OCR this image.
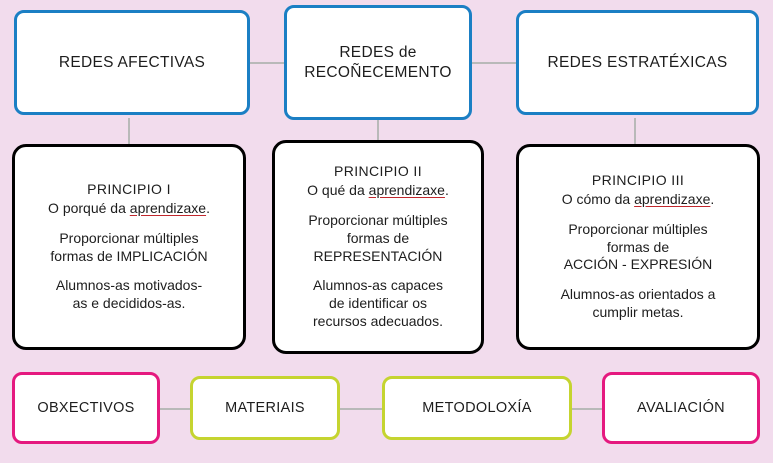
REDES AFECTIVAS
REDES de
RECOÑECEMENTO
REDES ESTRATÉXICAS
PRINCIPIO I
O porqué da aprendizaxe.
Proporcionar múltiples
formas de IMPLICACIÓN
Alumnos-as motivados-
as e decididos-as.
PRINCIPIO II
O qué da aprendizaxe.
Proporcionar múltiples
formas de
REPRESENTACIÓN
Alumnos-as capaces
de identificar os
recursos adecuados.
PRINCIPIO III
O cómo da aprendizaxe.
Proporcionar múltiples
formas de
ACCIÓN - EXPRESIÓN
Alumnos-as orientados a
cumplir metas.
OBXECTIVOS	MATERIAIS	METODOLOXÍA	AVALIACIÓN
